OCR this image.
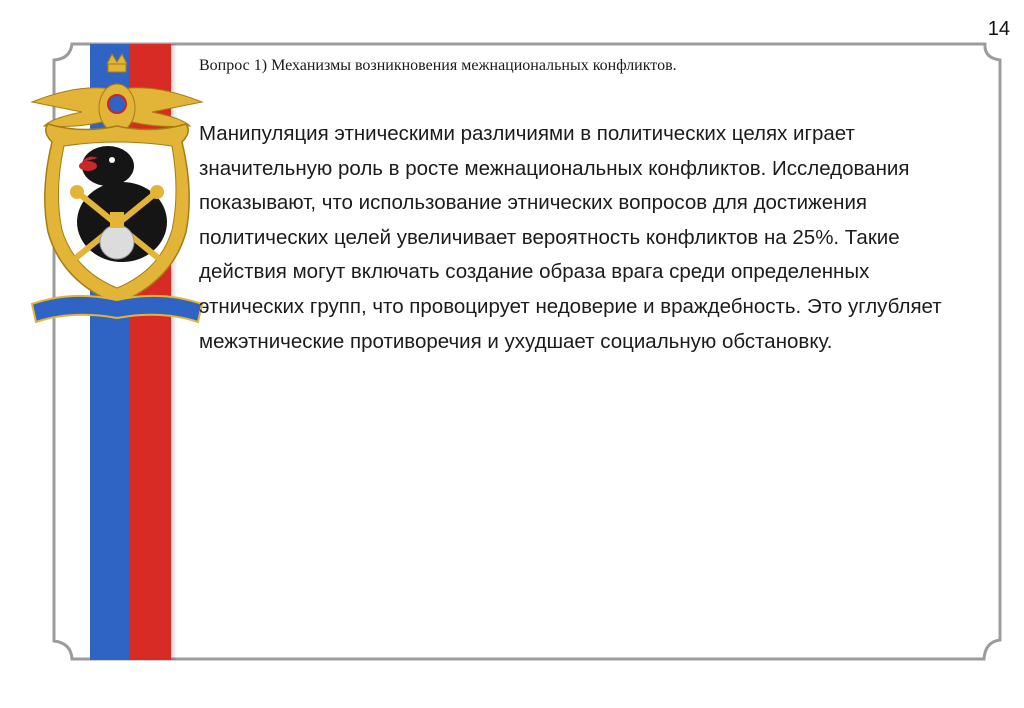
14
Вопрос 1) Механизмы возникновения межнациональных конфликтов.

Манипуляция этническими различиями в политических целях играет значительную роль в росте межнациональных конфликтов. Исследования показывают, что использование этнических вопросов для достижения политических целей увеличивает вероятность конфликтов на 25%. Такие действия могут включать создание образа врага среди определенных этнических групп, что провоцирует недоверие и враждебность. Это углубляет межэтнические противоречия и ухудшает социальную обстановку.
